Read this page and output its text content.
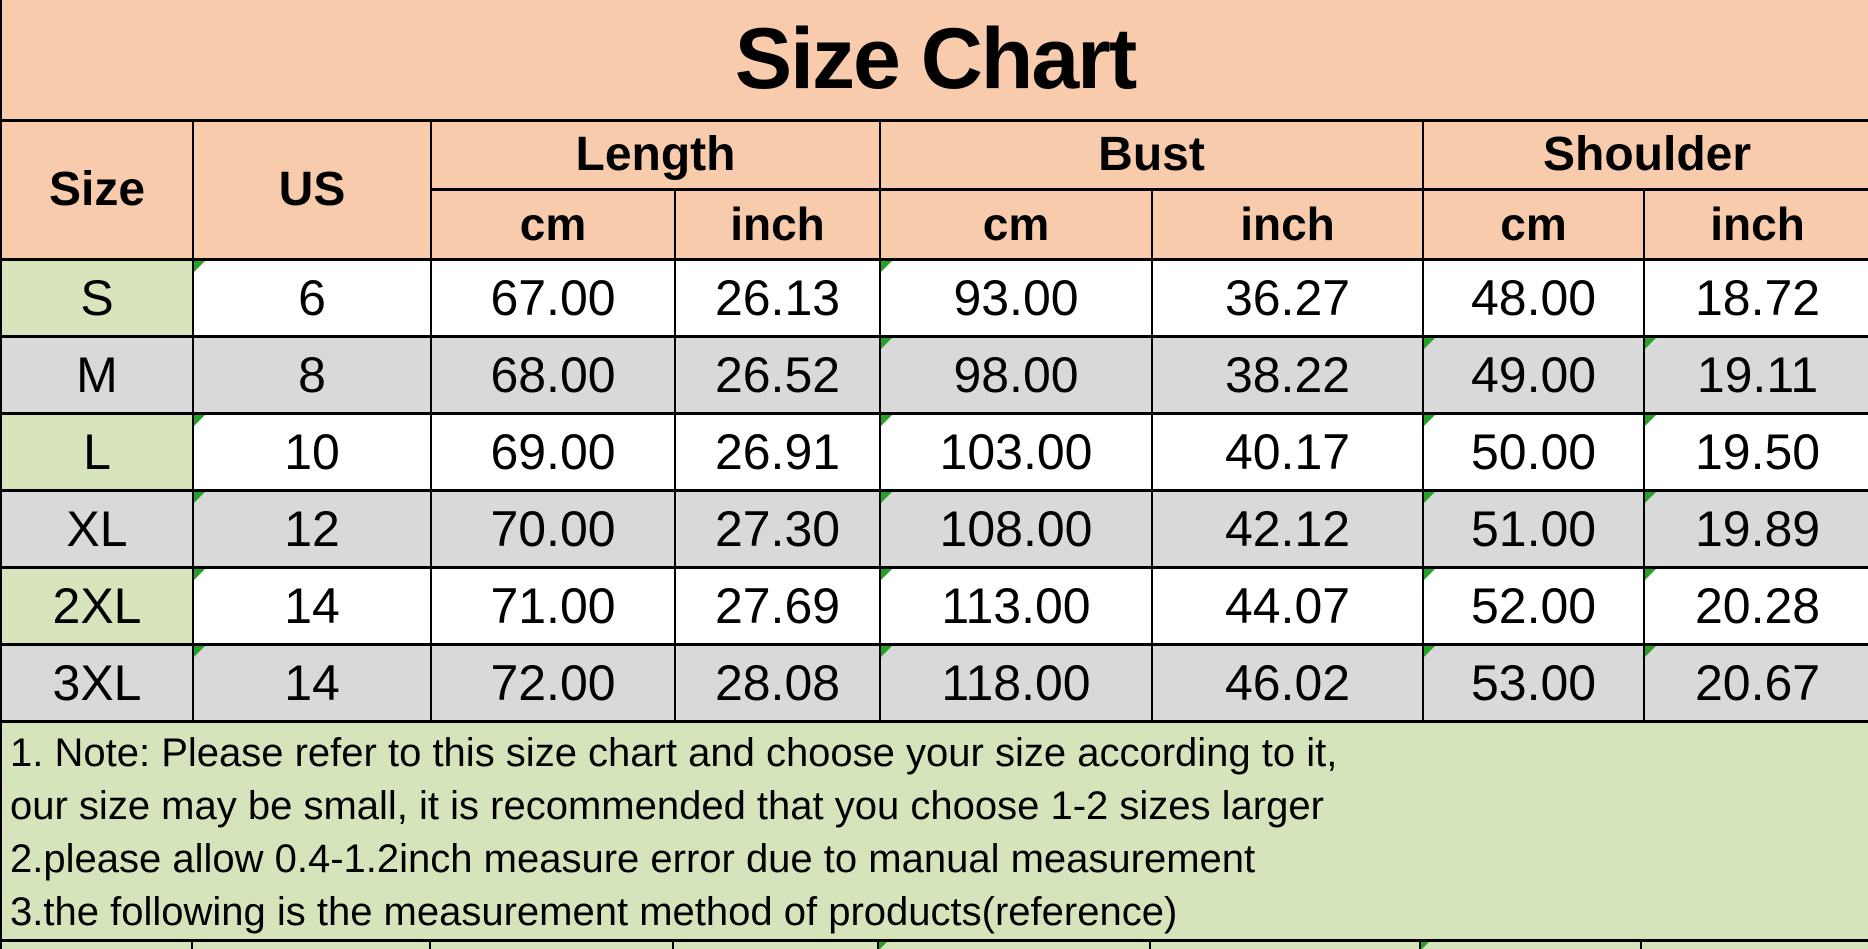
Size Chart
Size	US	Length		Bust		Shoulder	
		cm	inch	cm	inch	cm	inch
S	6	67.00	26.13	93.00	36.27	48.00	18.72
M	8	68.00	26.52	98.00	38.22	49.00	19.11
L	10	69.00	26.91	103.00	40.17	50.00	19.50
XL	12	70.00	27.30	108.00	42.12	51.00	19.89
2XL	14	71.00	27.69	113.00	44.07	52.00	20.28
3XL	14	72.00	28.08	118.00	46.02	53.00	20.67
1. Note: Please refer to this size chart and choose your size according to it,
our size may be small, it is recommended that you choose 1-2 sizes larger
2.please allow 0.4-1.2inch measure error due to manual measurement
3.the following is the measurement method of products(reference)
